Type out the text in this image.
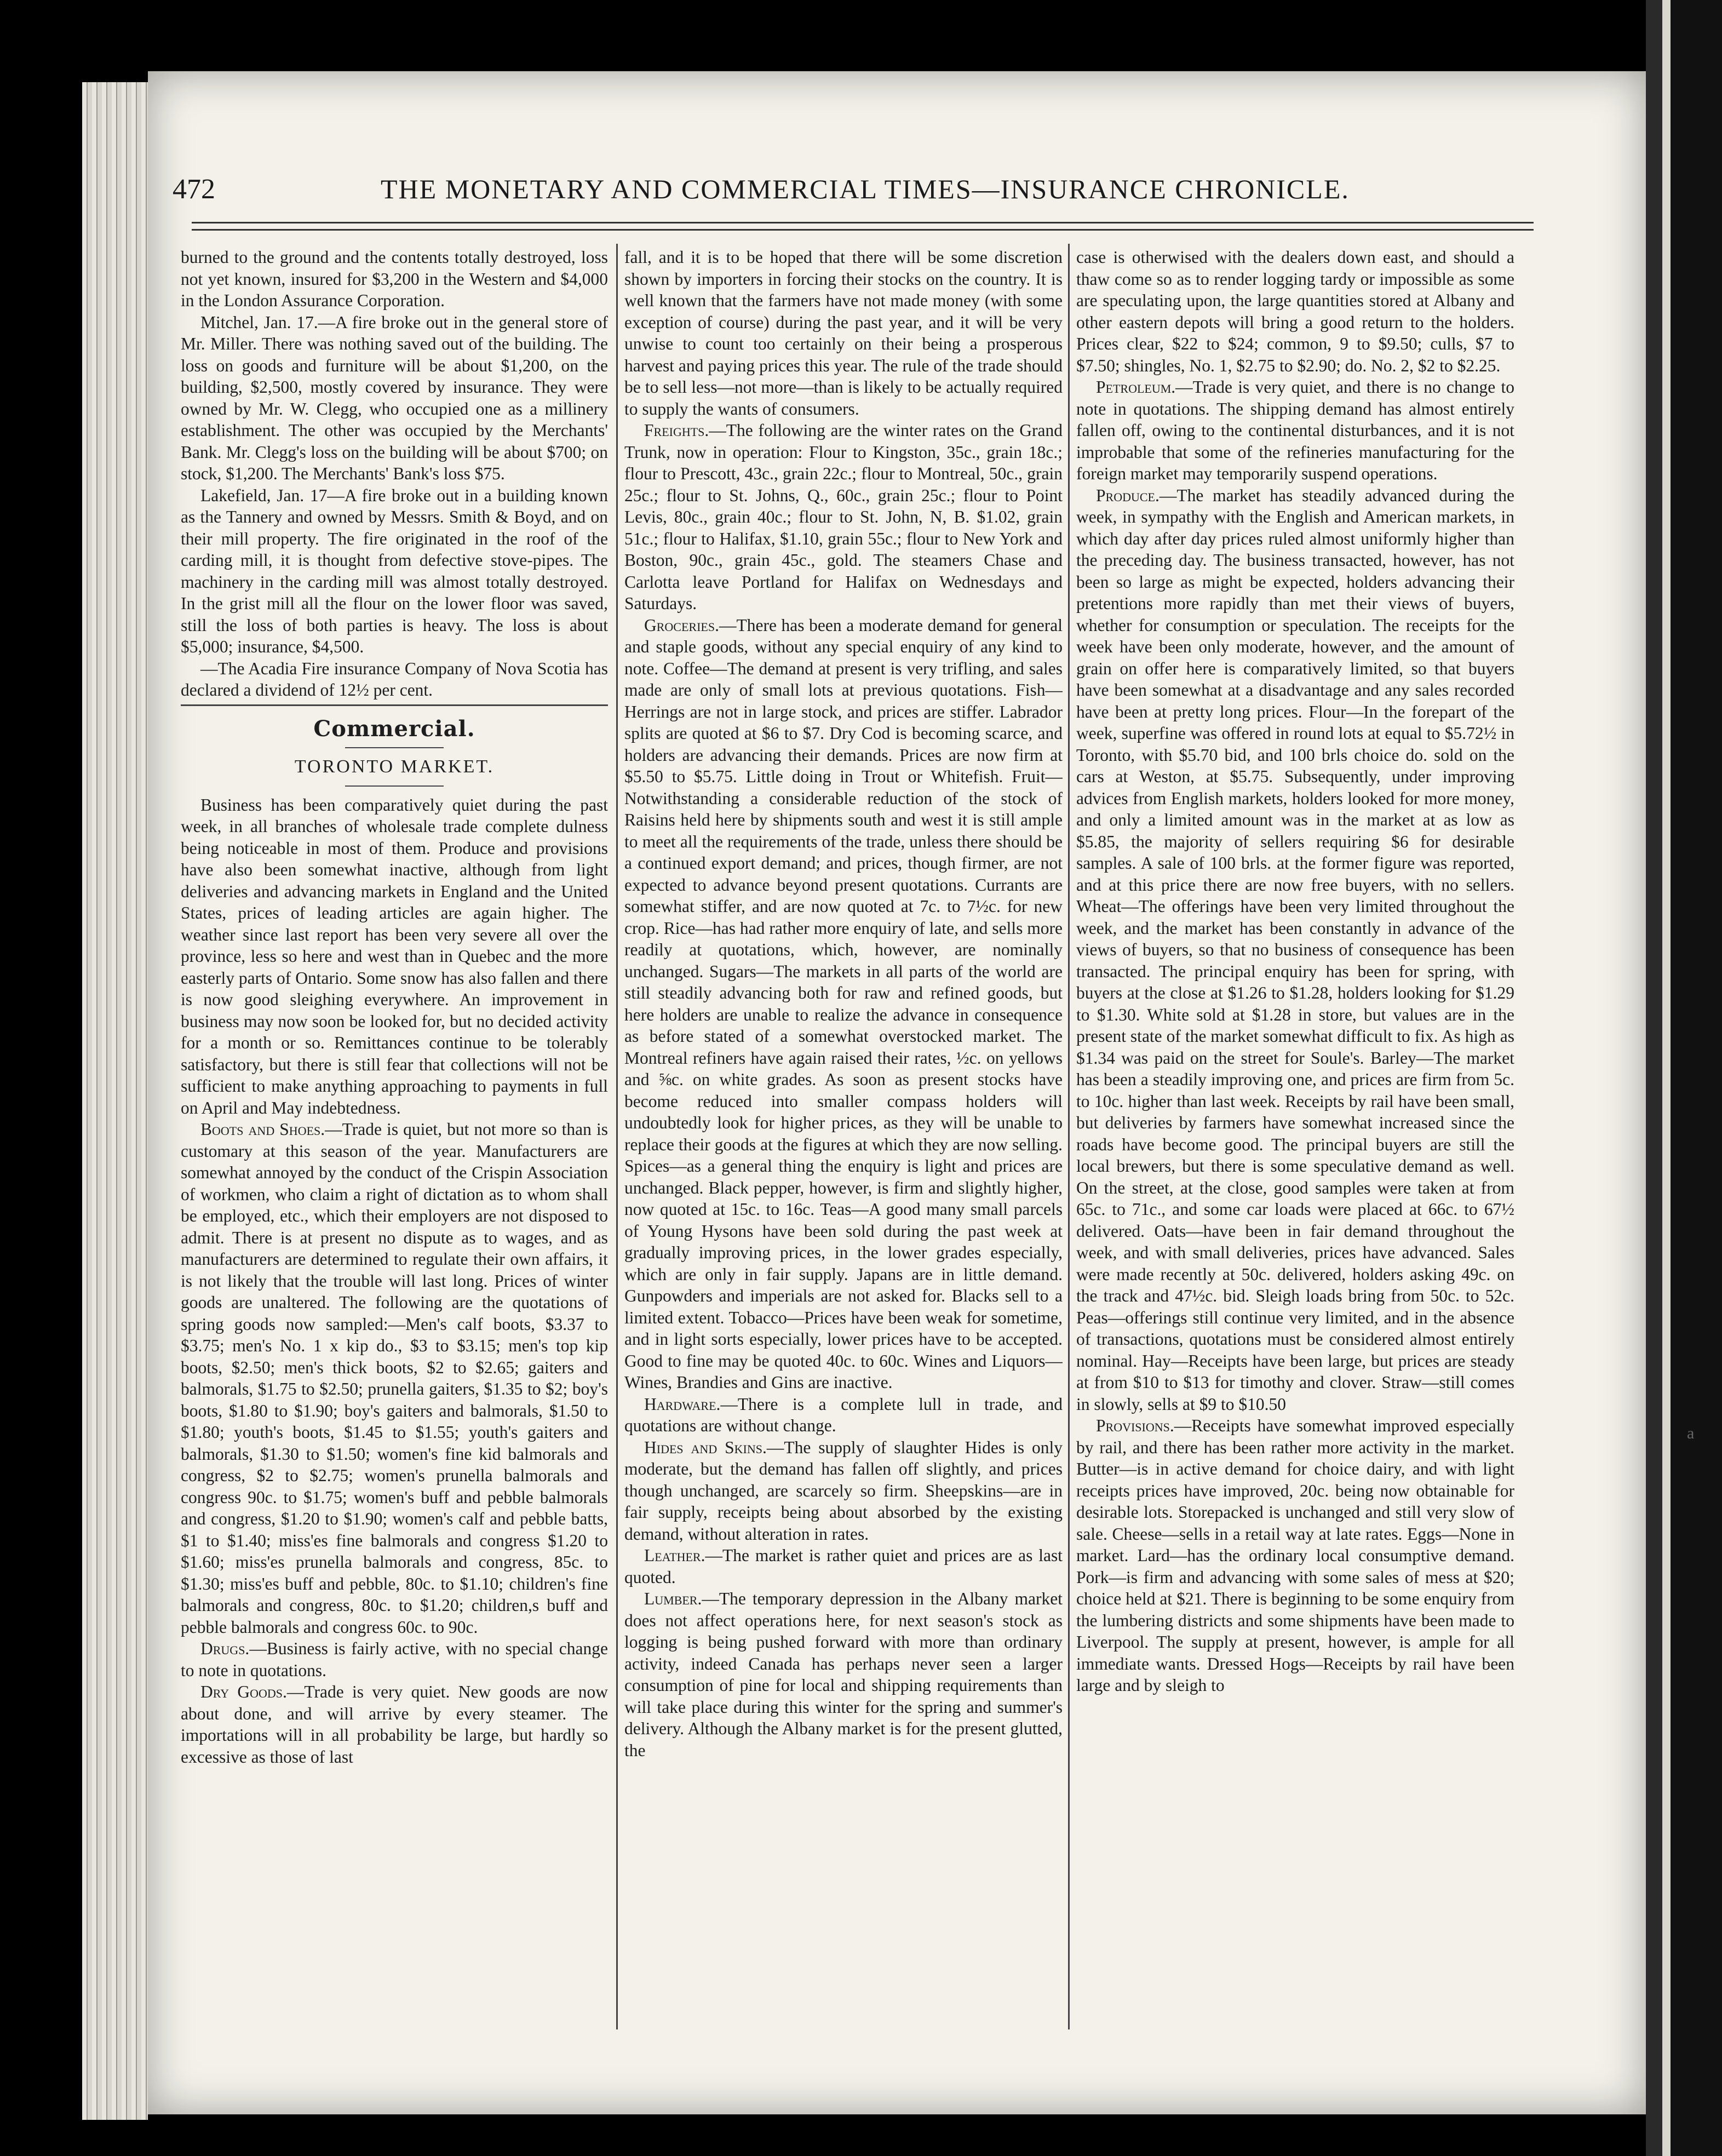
472	THE MONETARY AND COMMERCIAL TIMES—INSURANCE CHRONICLE.

burned to the ground and the contents totally destroyed, loss not yet known, insured for $3,200 in the Western and $4,000 in the London Assurance Corporation.

Mitchel, Jan. 17.—A fire broke out in the general store of Mr. Miller. There was nothing saved out of the building. The loss on goods and furniture will be about $1,200, on the building, $2,500, mostly covered by insurance. They were owned by Mr. W. Clegg, who occupied one as a millinery establishment. The other was occupied by the Merchants' Bank. Mr. Clegg's loss on the building will be about $700; on stock, $1,200. The Merchants' Bank's loss $75.

Lakefield, Jan. 17—A fire broke out in a building known as the Tannery and owned by Messrs. Smith & Boyd, and on their mill property. The fire originated in the roof of the carding mill, it is thought from defective stove-pipes. The machinery in the carding mill was almost totally destroyed. In the grist mill all the flour on the lower floor was saved, still the loss of both parties is heavy. The loss is about $5,000; insurance, $4,500.

—The Acadia Fire insurance Company of Nova Scotia has declared a dividend of 12½ per cent.

Commercial.
TORONTO MARKET.

Business has been comparatively quiet during the past week, in all branches of wholesale trade complete dulness being noticeable in most of them. Produce and provisions have also been somewhat inactive, although from light deliveries and advancing markets in England and the United States, prices of leading articles are again higher. The weather since last report has been very severe all over the province, less so here and west than in Quebec and the more easterly parts of Ontario. Some snow has also fallen and there is now good sleighing everywhere. An improvement in business may now soon be looked for, but no decided activity for a month or so. Remittances continue to be tolerably satisfactory, but there is still fear that collections will not be sufficient to make anything approaching to payments in full on April and May indebtedness.

Boots and Shoes.—Trade is quiet, but not more so than is customary at this season of the year. Manufacturers are somewhat annoyed by the conduct of the Crispin Association of workmen, who claim a right of dictation as to whom shall be employed, etc., which their employers are not disposed to admit. There is at present no dispute as to wages, and as manufacturers are determined to regulate their own affairs, it is not likely that the trouble will last long. Prices of winter goods are unaltered. The following are the quotations of spring goods now sampled:—Men's calf boots, $3.37 to $3.75; men's No. 1 x kip do., $3 to $3.15; men's top kip boots, $2.50; men's thick boots, $2 to $2.65; gaiters and balmorals, $1.75 to $2.50; prunella gaiters, $1.35 to $2; boy's boots, $1.80 to $1.90; boy's gaiters and balmorals, $1.50 to $1.80; youth's boots, $1.45 to $1.55; youth's gaiters and balmorals, $1.30 to $1.50; women's fine kid balmorals and congress, $2 to $2.75; women's prunella balmorals and congress 90c. to $1.75; women's buff and pebble balmorals and congress, $1.20 to $1.90; women's calf and pebble batts, $1 to $1.40; miss'es fine balmorals and congress $1.20 to $1.60; miss'es prunella balmorals and congress, 85c. to $1.30; miss'es buff and pebble, 80c. to $1.10; children's fine balmorals and congress, 80c. to $1.20; children,s buff and pebble balmorals and congress 60c. to 90c.

Drugs.—Business is fairly active, with no special change to note in quotations.

Dry Goods.—Trade is very quiet. New goods are now about done, and will arrive by every steamer. The importations will in all probability be large, but hardly so excessive as those of last

fall, and it is to be hoped that there will be some discretion shown by importers in forcing their stocks on the country. It is well known that the farmers have not made money (with some exception of course) during the past year, and it will be very unwise to count too certainly on their being a prosperous harvest and paying prices this year. The rule of the trade should be to sell less—not more—than is likely to be actually required to supply the wants of consumers.

Freights.—The following are the winter rates on the Grand Trunk, now in operation: Flour to Kingston, 35c., grain 18c.; flour to Prescott, 43c., grain 22c.; flour to Montreal, 50c., grain 25c.; flour to St. Johns, Q., 60c., grain 25c.; flour to Point Levis, 80c., grain 40c.; flour to St. John, N, B. $1.02, grain 51c.; flour to Halifax, $1.10, grain 55c.; flour to New York and Boston, 90c., grain 45c., gold. The steamers Chase and Carlotta leave Portland for Halifax on Wednesdays and Saturdays.

Groceries.—There has been a moderate demand for general and staple goods, without any special enquiry of any kind to note. Coffee—The demand at present is very trifling, and sales made are only of small lots at previous quotations. Fish—Herrings are not in large stock, and prices are stiffer. Labrador splits are quoted at $6 to $7. Dry Cod is becoming scarce, and holders are advancing their demands. Prices are now firm at $5.50 to $5.75. Little doing in Trout or Whitefish. Fruit—Notwithstanding a considerable reduction of the stock of Raisins held here by shipments south and west it is still ample to meet all the requirements of the trade, unless there should be a continued export demand; and prices, though firmer, are not expected to advance beyond present quotations. Currants are somewhat stiffer, and are now quoted at 7c. to 7½c. for new crop. Rice—has had rather more enquiry of late, and sells more readily at quotations, which, however, are nominally unchanged. Sugars—The markets in all parts of the world are still steadily advancing both for raw and refined goods, but here holders are unable to realize the advance in consequence as before stated of a somewhat overstocked market. The Montreal refiners have again raised their rates, ½c. on yellows and ⅝c. on white grades. As soon as present stocks have become reduced into smaller compass holders will undoubtedly look for higher prices, as they will be unable to replace their goods at the figures at which they are now selling. Spices—as a general thing the enquiry is light and prices are unchanged. Black pepper, however, is firm and slightly higher, now quoted at 15c. to 16c. Teas—A good many small parcels of Young Hysons have been sold during the past week at gradually improving prices, in the lower grades especially, which are only in fair supply. Japans are in little demand. Gunpowders and imperials are not asked for. Blacks sell to a limited extent. Tobacco—Prices have been weak for sometime, and in light sorts especially, lower prices have to be accepted. Good to fine may be quoted 40c. to 60c. Wines and Liquors—Wines, Brandies and Gins are inactive.

Hardware.—There is a complete lull in trade, and quotations are without change.

Hides and Skins.—The supply of slaughter Hides is only moderate, but the demand has fallen off slightly, and prices though unchanged, are scarcely so firm. Sheepskins—are in fair supply, receipts being about absorbed by the existing demand, without alteration in rates.

Leather.—The market is rather quiet and prices are as last quoted.

Lumber.—The temporary depression in the Albany market does not affect operations here, for next season's stock as logging is being pushed forward with more than ordinary activity, indeed Canada has perhaps never seen a larger consumption of pine for local and shipping requirements than will take place during this winter for the spring and summer's delivery. Although the Albany market is for the present glutted, the

case is otherwised with the dealers down east, and should a thaw come so as to render logging tardy or impossible as some are speculating upon, the large quantities stored at Albany and other eastern depots will bring a good return to the holders. Prices clear, $22 to $24; common, 9 to $9.50; culls, $7 to $7.50; shingles, No. 1, $2.75 to $2.90; do. No. 2, $2 to $2.25.

Petroleum.—Trade is very quiet, and there is no change to note in quotations. The shipping demand has almost entirely fallen off, owing to the continental disturbances, and it is not improbable that some of the refineries manufacturing for the foreign market may temporarily suspend operations.

Produce.—The market has steadily advanced during the week, in sympathy with the English and American markets, in which day after day prices ruled almost uniformly higher than the preceding day. The business transacted, however, has not been so large as might be expected, holders advancing their pretentions more rapidly than met their views of buyers, whether for consumption or speculation. The receipts for the week have been only moderate, however, and the amount of grain on offer here is comparatively limited, so that buyers have been somewhat at a disadvantage and any sales recorded have been at pretty long prices. Flour—In the forepart of the week, superfine was offered in round lots at equal to $5.72½ in Toronto, with $5.70 bid, and 100 brls choice do. sold on the cars at Weston, at $5.75. Subsequently, under improving advices from English markets, holders looked for more money, and only a limited amount was in the market at as low as $5.85, the majority of sellers requiring $6 for desirable samples. A sale of 100 brls. at the former figure was reported, and at this price there are now free buyers, with no sellers. Wheat—The offerings have been very limited throughout the week, and the market has been constantly in advance of the views of buyers, so that no business of consequence has been transacted. The principal enquiry has been for spring, with buyers at the close at $1.26 to $1.28, holders looking for $1.29 to $1.30. White sold at $1.28 in store, but values are in the present state of the market somewhat difficult to fix. As high as $1.34 was paid on the street for Soule's. Barley—The market has been a steadily improving one, and prices are firm from 5c. to 10c. higher than last week. Receipts by rail have been small, but deliveries by farmers have somewhat increased since the roads have become good. The principal buyers are still the local brewers, but there is some speculative demand as well. On the street, at the close, good samples were taken at from 65c. to 71c., and some car loads were placed at 66c. to 67½ delivered. Oats—have been in fair demand throughout the week, and with small deliveries, prices have advanced. Sales were made recently at 50c. delivered, holders asking 49c. on the track and 47½c. bid. Sleigh loads bring from 50c. to 52c. Peas—offerings still continue very limited, and in the absence of transactions, quotations must be considered almost entirely nominal. Hay—Receipts have been large, but prices are steady at from $10 to $13 for timothy and clover. Straw—still comes in slowly, sells at $9 to $10.50

Provisions.—Receipts have somewhat improved especially by rail, and there has been rather more activity in the market. Butter—is in active demand for choice dairy, and with light receipts prices have improved, 20c. being now obtainable for desirable lots. Storepacked is unchanged and still very slow of sale. Cheese—sells in a retail way at late rates. Eggs—None in market. Lard—has the ordinary local consumptive demand. Pork—is firm and advancing with some sales of mess at $20; choice held at $21. There is beginning to be some enquiry from the lumbering districts and some shipments have been made to Liverpool. The supply at present, however, is ample for all immediate wants. Dressed Hogs—Receipts by rail have been large and by sleigh to

a
